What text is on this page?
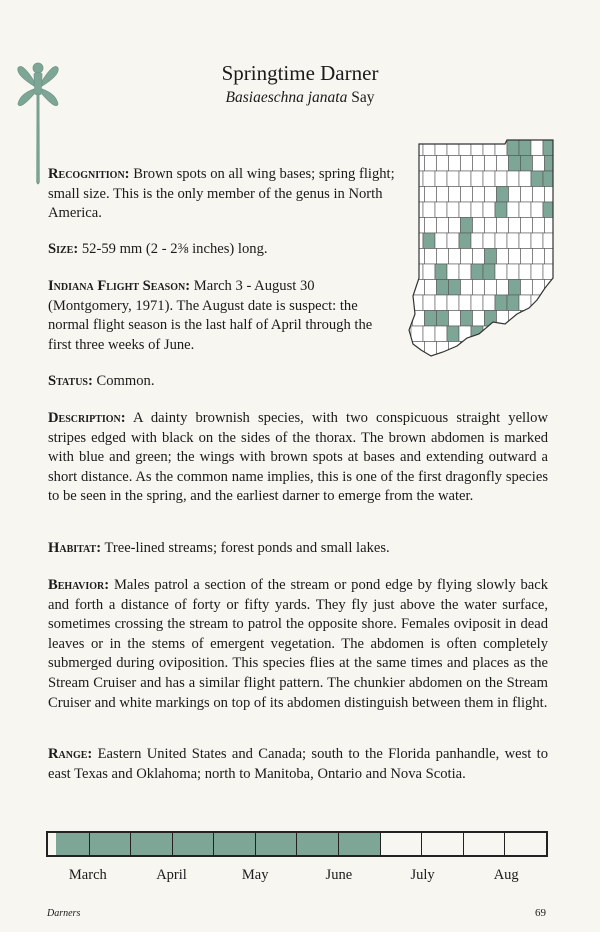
Springtime Darner
Basiaeschna janata Say

Recognition: Brown spots on all wing bases; spring flight; small size. This is the only member of the genus in North America.

Size: 52-59 mm (2 - 2⅜ inches) long.

Indiana Flight Season: March 3 - August 30 (Montgomery, 1971). The August date is suspect: the normal flight season is the last half of April through the first three weeks of June.

Status: Common.

Description: A dainty brownish species, with two conspicuous straight yellow stripes edged with black on the sides of the thorax. The brown abdomen is marked with blue and green; the wings with brown spots at bases and extending outward a short distance. As the common name implies, this is one of the first dragonfly species to be seen in the spring, and the earliest darner to emerge from the water.

Habitat: Tree-lined streams; forest ponds and small lakes.

Behavior: Males patrol a section of the stream or pond edge by flying slowly back and forth a distance of forty or fifty yards. They fly just above the water surface, sometimes crossing the stream to patrol the opposite shore. Females oviposit in dead leaves or in the stems of emergent vegetation. The abdomen is often completely submerged during oviposition. This species flies at the same times and places as the Stream Cruiser and has a similar flight pattern. The chunkier abdomen on the Stream Cruiser and white markings on top of its abdomen distinguish between them in flight.

Range: Eastern United States and Canada; south to the Florida panhandle, west to east Texas and Oklahoma; north to Manitoba, Ontario and Nova Scotia.

March	April	May	June	July	Aug
Darners	69
